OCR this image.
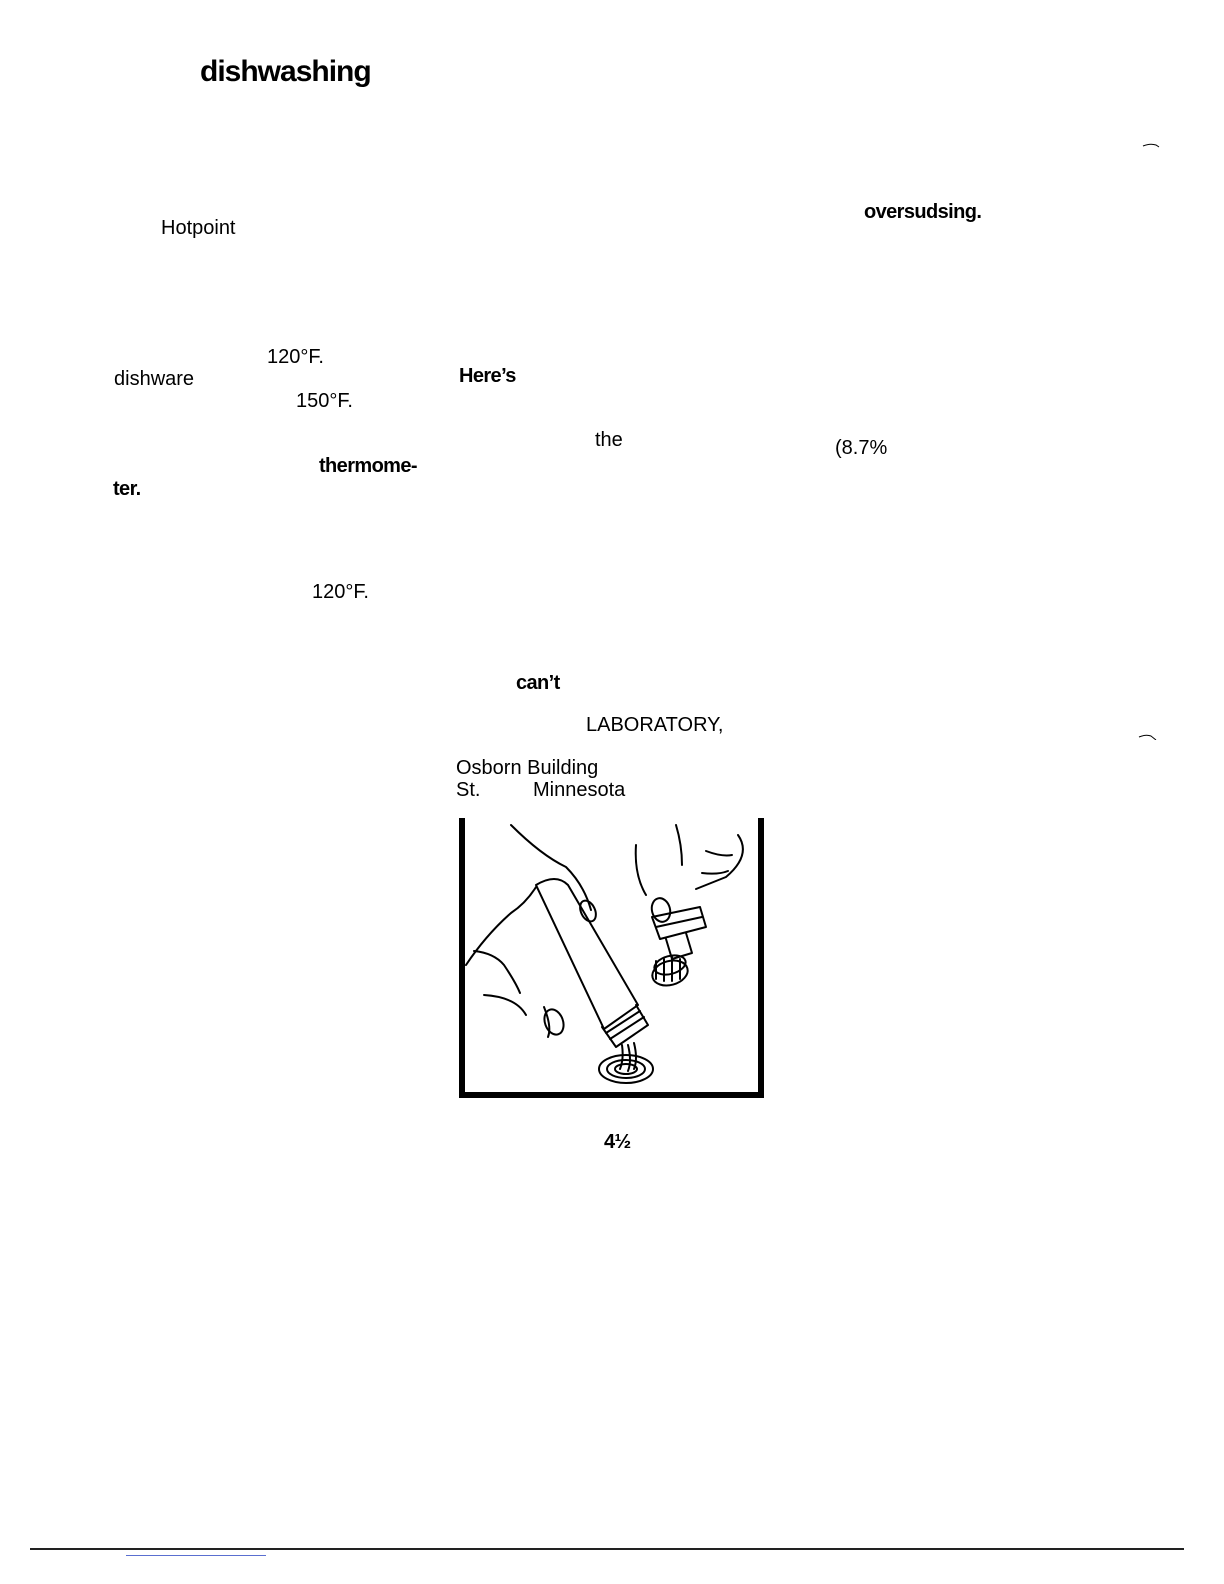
dishwashing
Hotpoint
oversudsing.
120°F.
dishware	Here’s
150°F.
the	(8.7%
thermome-
ter.
120°F.
can’t
LABORATORY,
Osborn Building
St.	Minnesota
4½
